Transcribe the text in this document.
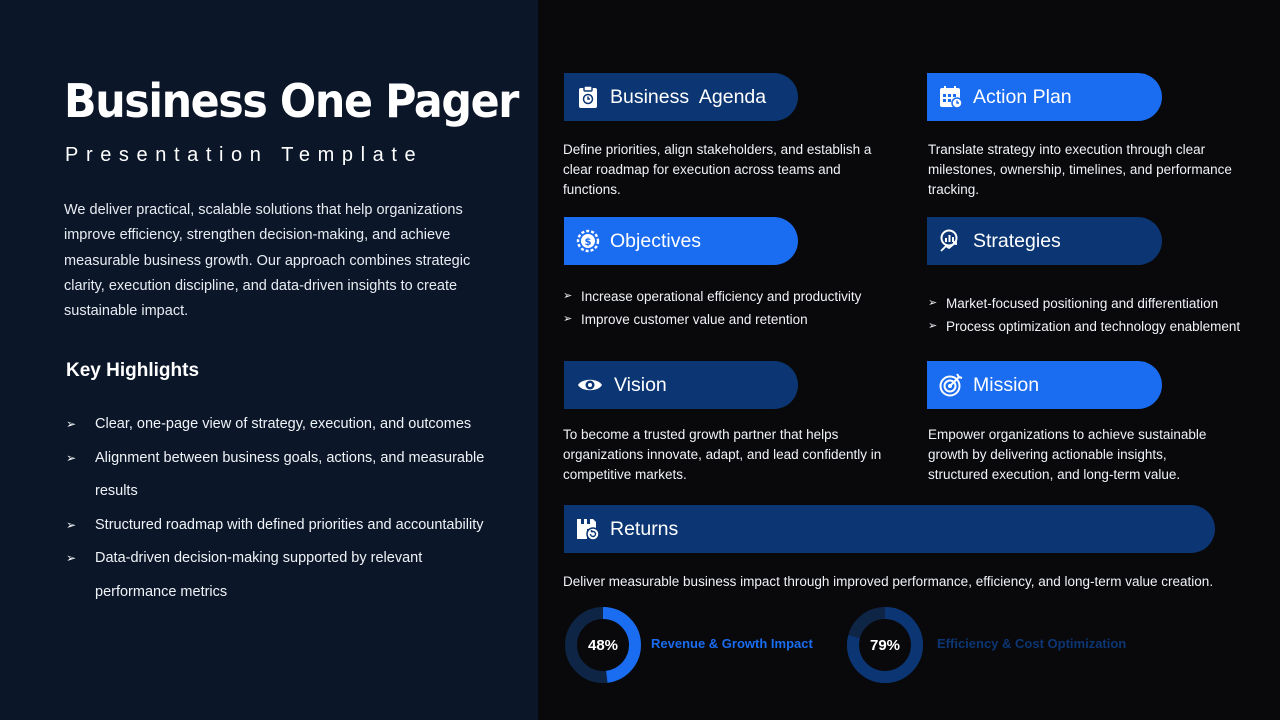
Business One Pager
Presentation Template

We deliver practical, scalable solutions that help organizations improve efficiency, strengthen decision-making, and achieve measurable business growth. Our approach combines strategic clarity, execution discipline, and data-driven insights to create sustainable impact.

Key Highlights
➢ Clear, one-page view of strategy, execution, and outcomes
➢ Alignment between business goals, actions, and measurable results
➢ Structured roadmap with defined priorities and accountability
➢ Data-driven decision-making supported by relevant performance metrics
Business  Agenda

Define priorities, align stakeholders, and establish a clear roadmap for execution across teams and functions.

Action Plan

Translate strategy into execution through clear milestones, ownership, timelines, and performance tracking.

$ Objectives
➢ Increase operational efficiency and productivity
➢ Improve customer value and retention
Strategies
➢ Market-focused positioning and differentiation
➢ Process optimization and technology enablement
Vision

To become a trusted growth partner that helps organizations innovate, adapt, and lead confidently in competitive markets.

Mission

Empower organizations to achieve sustainable growth by delivering actionable insights, structured execution, and long-term value.

Returns

Deliver measurable business impact through improved performance, efficiency, and long-term value creation.

48%	Revenue & Growth Impact	79%	Efficiency & Cost Optimization
